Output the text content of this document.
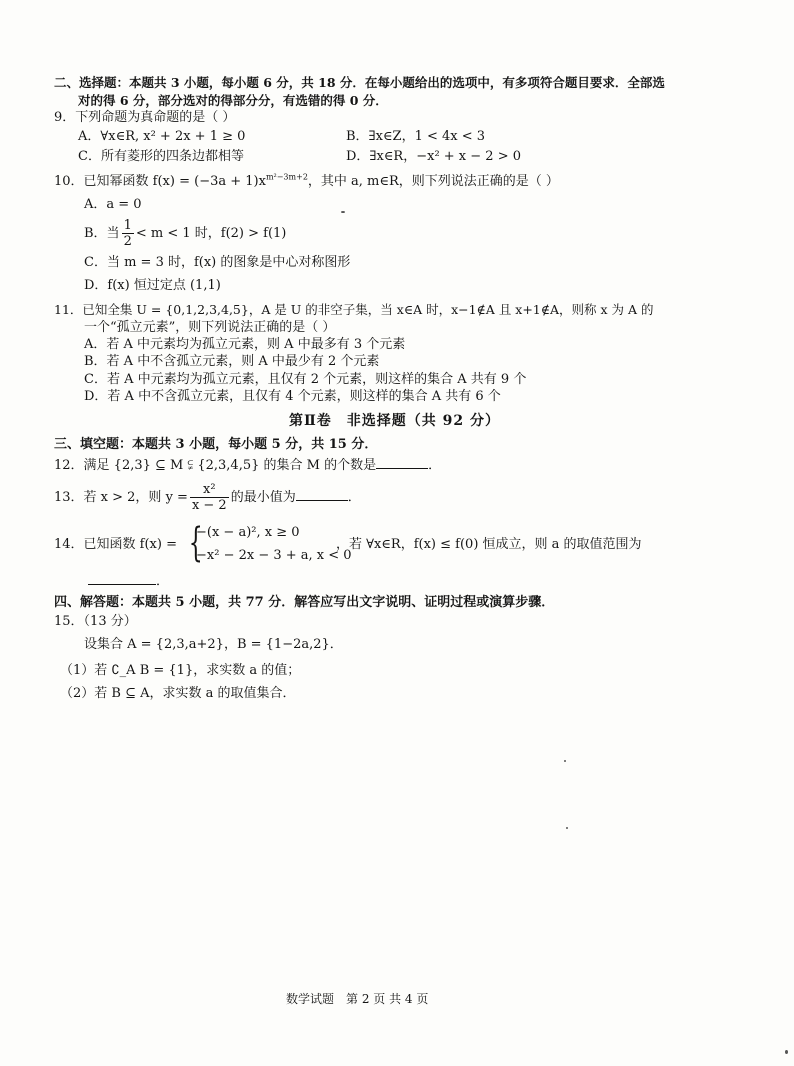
二、选择题：本题共 3 小题，每小题 6 分，共 18 分．在每小题给出的选项中，有多项符合题目要求．全部选
对的得 6 分，部分选对的得部分分，有选错的得 0 分．
9．下列命题为真命题的是（ ）
A．∀x∈R, x² + 2x + 1 ≥ 0	B．∃x∈Z，1 < 4x < 3
C．所有菱形的四条边都相等	D．∃x∈R，−x² + x − 2 > 0
10．已知幂函数 $f(x) = (-3a + 1)x^{m^2-3m+2}$，其中 a, m∈R，则下列说法正确的是（ ）
A．a = 0
B．当 $\frac{1}{2} < m < 1$ 时，f(2) > f(1)
C．当 m = 3 时，f(x) 的图象是中心对称图形
D．f(x) 恒过定点 (1,1)
11．已知全集 U = {0,1,2,3,4,5}，A 是 U 的非空子集，当 x∈A 时，x−1∉A 且 x+1∉A，则称 x 为 A 的
一个“孤立元素”，则下列说法正确的是（ ）
A．若 A 中元素均为孤立元素，则 A 中最多有 3 个元素
B．若 A 中不含孤立元素，则 A 中最少有 2 个元素
C．若 A 中元素均为孤立元素，且仅有 2 个元素，则这样的集合 A 共有 9 个
D．若 A 中不含孤立元素，且仅有 4 个元素，则这样的集合 A 共有 6 个
第Ⅱ卷　非选择题（共 92 分）
三、填空题：本题共 3 小题，每小题 5 分，共 15 分．
12．满足 {2,3} ⊆ M ⫋ {2,3,4,5} 的集合 M 的个数是	．
13．若 x > 2，则 $y = \frac{\text{x²}}{x - 2}$ 的最小值为	．
14．已知函数 f(x) = {
−(x − a)², x ≥ 0
−x² − 2x − 3 + a, x < 0
，若 ∀x∈R，f(x) ≤ f(0) 恒成立，则 a 的取值范围为
．
四、解答题：本题共 5 小题，共 77 分．解答应写出文字说明、证明过程或演算步骤．
15．（13 分）
设集合 A = {2,3,a+2}，B = {1−2a,2}．
（1）若 ∁_A B = {1}，求实数 a 的值；
（2）若 B ⊆ A，求实数 a 的取值集合．
数学试题　第 2 页 共 4 页
